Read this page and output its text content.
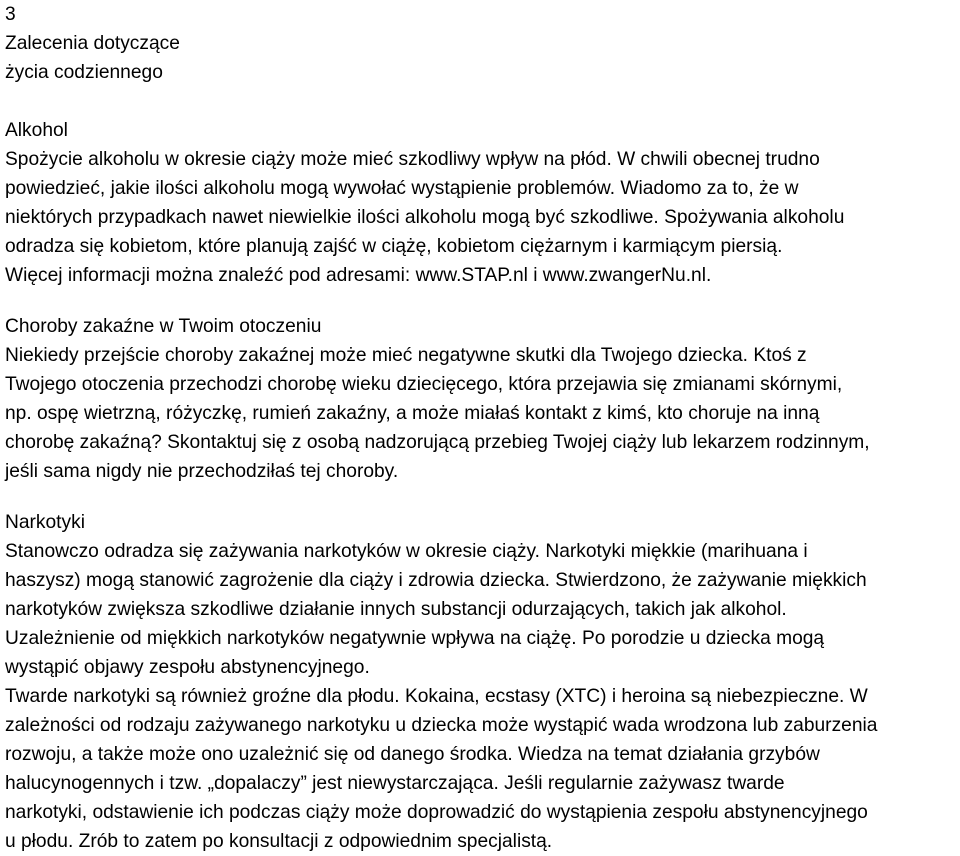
3
Zalecenia dotyczące
życia codziennego
Alkohol
Spożycie alkoholu w okresie ciąży może mieć szkodliwy wpływ na płód. W chwili obecnej trudno
powiedzieć, jakie ilości alkoholu mogą wywołać wystąpienie problemów. Wiadomo za to, że w
niektórych przypadkach nawet niewielkie ilości alkoholu mogą być szkodliwe. Spożywania alkoholu
odradza się kobietom, które planują zajść w ciążę, kobietom ciężarnym i karmiącym piersią.
Więcej informacji można znaleźć pod adresami: www.STAP.nl i www.zwangerNu.nl.
Choroby zakaźne w Twoim otoczeniu
Niekiedy przejście choroby zakaźnej może mieć negatywne skutki dla Twojego dziecka. Ktoś z
Twojego otoczenia przechodzi chorobę wieku dziecięcego, która przejawia się zmianami skórnymi,
np. ospę wietrzną, różyczkę, rumień zakaźny, a może miałaś kontakt z kimś, kto choruje na inną
chorobę zakaźną? Skontaktuj się z osobą nadzorującą przebieg Twojej ciąży lub lekarzem rodzinnym,
jeśli sama nigdy nie przechodziłaś tej choroby.
Narkotyki
Stanowczo odradza się zażywania narkotyków w okresie ciąży. Narkotyki miękkie (marihuana i
haszysz) mogą stanowić zagrożenie dla ciąży i zdrowia dziecka. Stwierdzono, że zażywanie miękkich
narkotyków zwiększa szkodliwe działanie innych substancji odurzających, takich jak alkohol.
Uzależnienie od miękkich narkotyków negatywnie wpływa na ciążę. Po porodzie u dziecka mogą
wystąpić objawy zespołu abstynencyjnego.
Twarde narkotyki są również groźne dla płodu. Kokaina, ecstasy (XTC) i heroina są niebezpieczne. W
zależności od rodzaju zażywanego narkotyku u dziecka może wystąpić wada wrodzona lub zaburzenia
rozwoju, a także może ono uzależnić się od danego środka. Wiedza na temat działania grzybów
halucynogennych i tzw. „dopalaczy” jest niewystarczająca. Jeśli regularnie zażywasz twarde
narkotyki, odstawienie ich podczas ciąży może doprowadzić do wystąpienia zespołu abstynencyjnego
u płodu. Zrób to zatem po konsultacji z odpowiednim specjalistą.
